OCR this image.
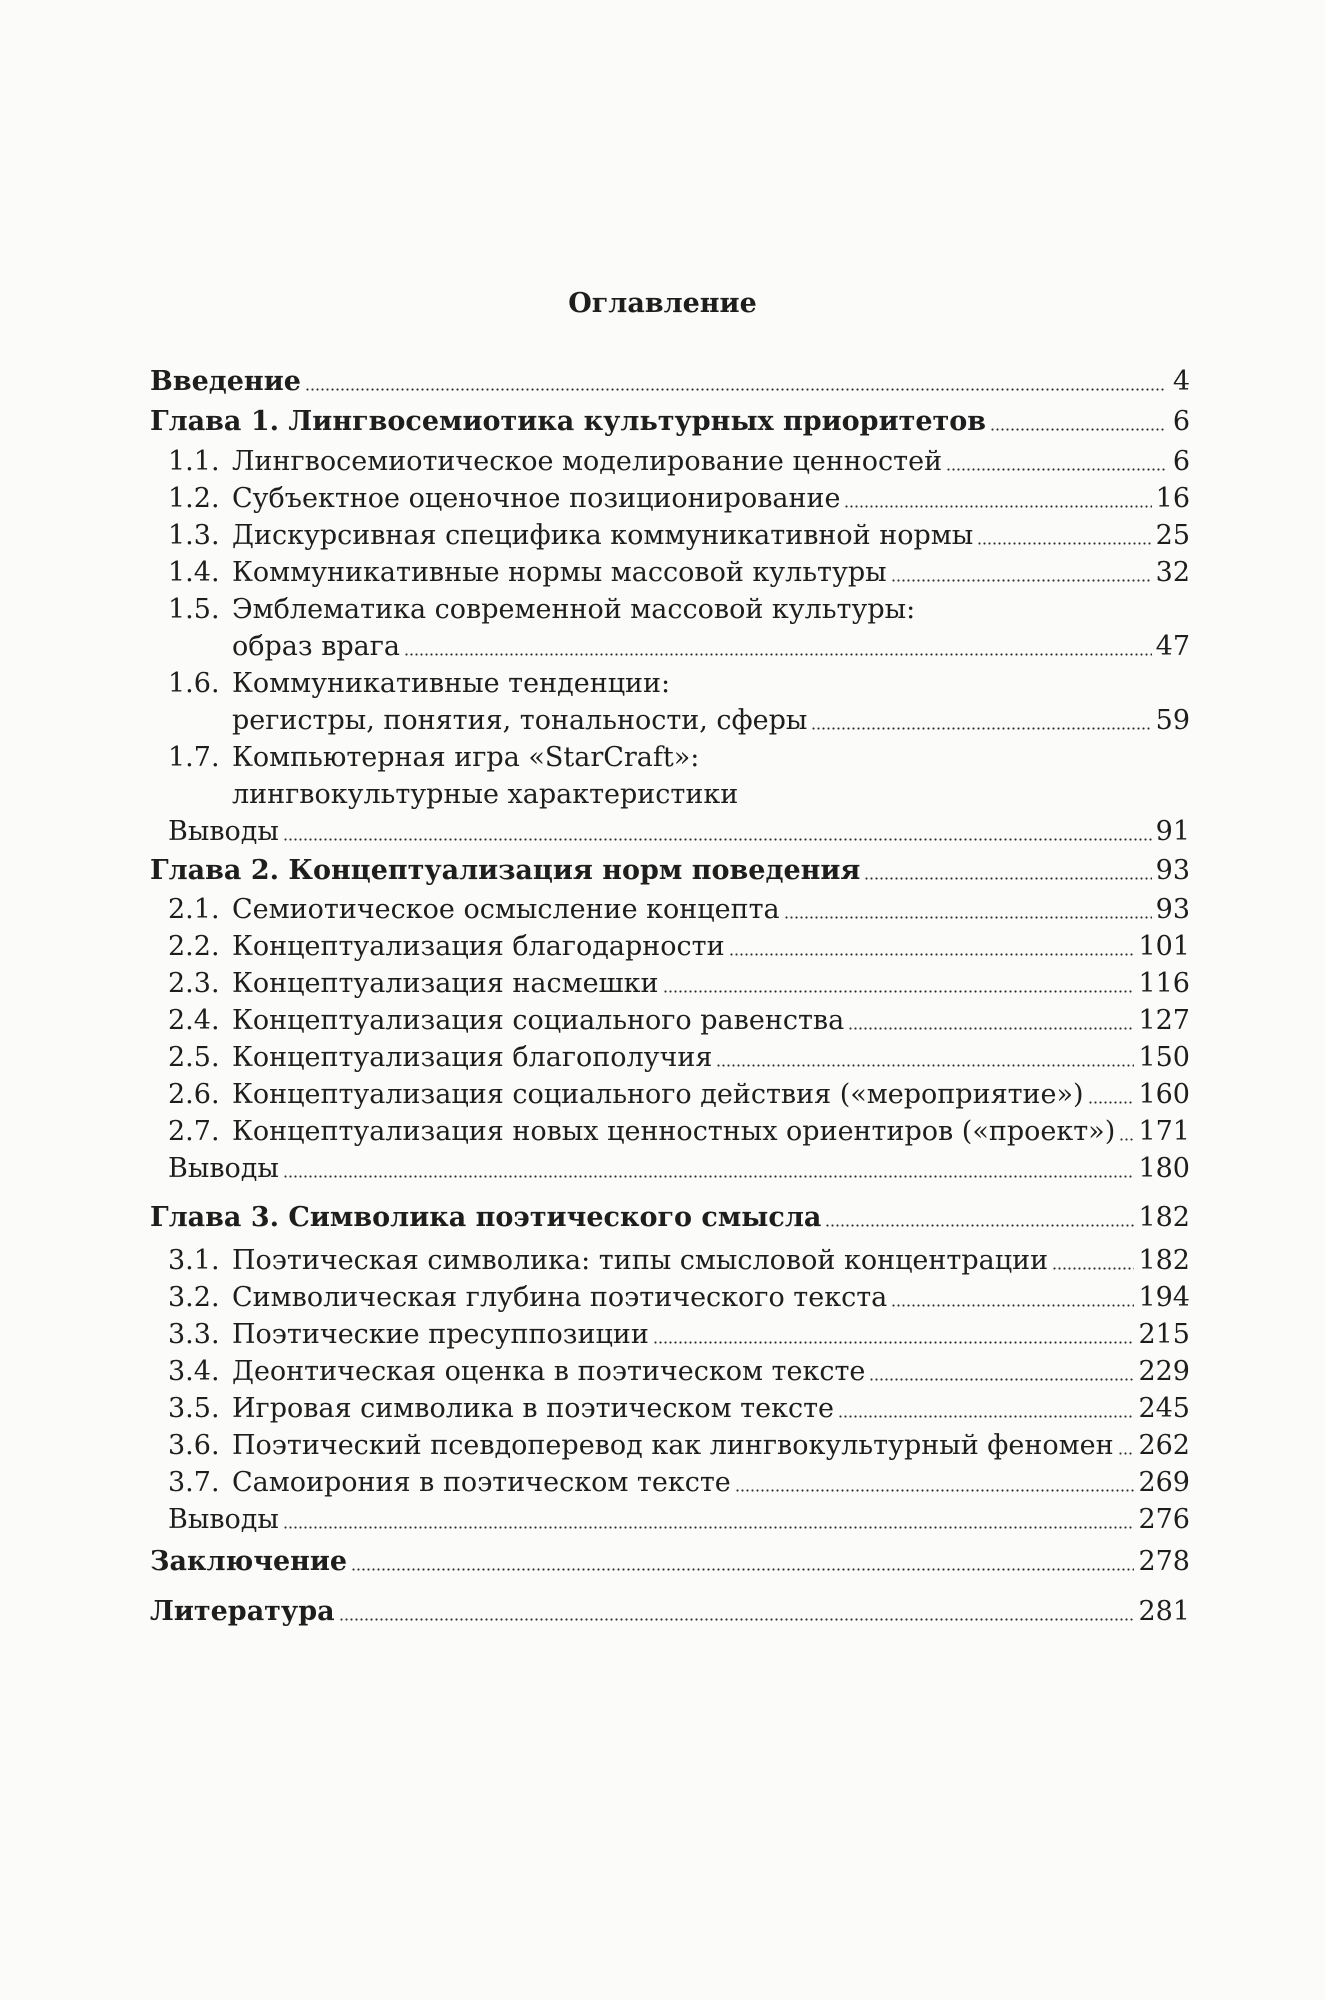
Оглавление
Введение	4
Глава 1. Лингвосемиотика культурных приоритетов	6
1.1. Лингвосемиотическое моделирование ценностей	6
1.2. Субъектное оценочное позиционирование	16
1.3. Дискурсивная специфика коммуникативной нормы	25
1.4. Коммуникативные нормы массовой культуры	32
1.5. Эмблематика современной массовой культуры:
образ врага	47
1.6. Коммуникативные тенденции:
регистры, понятия, тональности, сферы	59
1.7. Компьютерная игра «StarCraft»:
лингвокультурные характеристики
Выводы	91
Глава 2. Концептуализация норм поведения	93
2.1. Семиотическое осмысление концепта	93
2.2. Концептуализация благодарности	101
2.3. Концептуализация насмешки	116
2.4. Концептуализация социального равенства	127
2.5. Концептуализация благополучия	150
2.6. Концептуализация социального действия («мероприятие») 160
2.7. Концептуализация новых ценностных ориентиров («проект») 171
Выводы	180
Глава 3. Символика поэтического смысла	182
3.1. Поэтическая символика: типы смысловой концентрации	182
3.2. Символическая глубина поэтического текста	194
3.3. Поэтические пресуппозиции	215
3.4. Деонтическая оценка в поэтическом тексте	229
3.5. Игровая символика в поэтическом тексте	245
3.6. Поэтический псевдоперевод как лингвокультурный феномен 262
3.7. Самоирония в поэтическом тексте	269
Выводы	276
Заключение	278
Литература	281
